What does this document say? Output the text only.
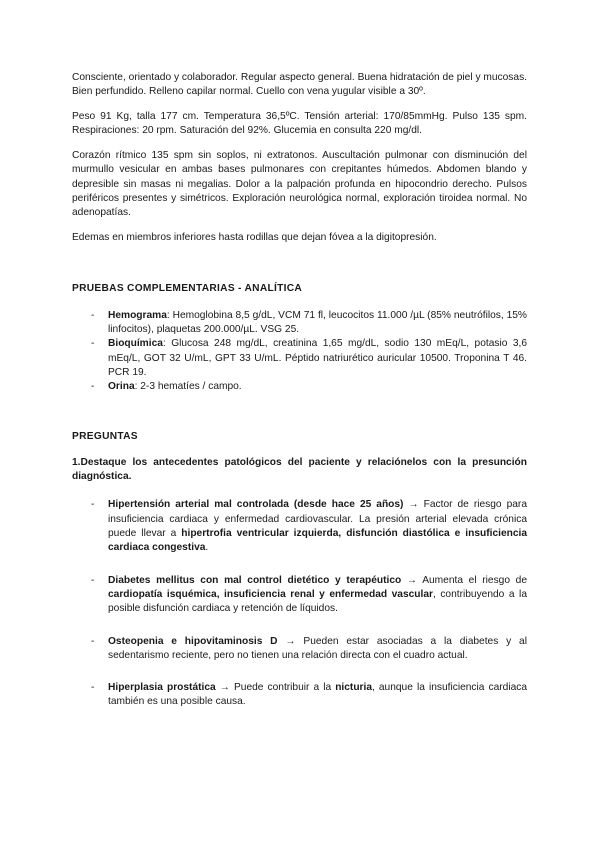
Consciente, orientado y colaborador. Regular aspecto general. Buena hidratación de piel y mucosas. Bien perfundido. Relleno capilar normal. Cuello con vena yugular visible a 30º.

Peso 91 Kg, talla 177 cm. Temperatura 36,5ºC. Tensión arterial: 170/85mmHg. Pulso 135 spm. Respiraciones: 20 rpm. Saturación del 92%. Glucemia en consulta 220 mg/dl.

Corazón rítmico 135 spm sin soplos, ni extratonos. Auscultación pulmonar con disminución del murmullo vesicular en ambas bases pulmonares con crepitantes húmedos. Abdomen blando y depresible sin masas ni megalias. Dolor a la palpación profunda en hipocondrio derecho. Pulsos periféricos presentes y simétricos. Exploración neurológica normal, exploración tiroidea normal. No adenopatías.

Edemas en miembros inferiores hasta rodillas que dejan fóvea a la digitopresión.

PRUEBAS COMPLEMENTARIAS - ANALÍTICA

- Hemograma: Hemoglobina 8,5 g/dL, VCM 71 fl, leucocitos 11.000 /µL (85% neutrófilos, 15% linfocitos), plaquetas 200.000/µL. VSG 25.
- Bioquímica: Glucosa 248 mg/dL, creatinina 1,65 mg/dL, sodio 130 mEq/L, potasio 3,6 mEq/L, GOT 32 U/mL, GPT 33 U/mL. Péptido natriurético auricular 10500. Troponina T 46. PCR 19.
- Orina: 2-3 hematíes / campo.

PREGUNTAS

1.Destaque los antecedentes patológicos del paciente y relaciónelos con la presunción diagnóstica.

- Hipertensión arterial mal controlada (desde hace 25 años) → Factor de riesgo para insuficiencia cardiaca y enfermedad cardiovascular. La presión arterial elevada crónica puede llevar a hipertrofia ventricular izquierda, disfunción diastólica e insuficiencia cardiaca congestiva.
- Diabetes mellitus con mal control dietético y terapéutico → Aumenta el riesgo de cardiopatía isquémica, insuficiencia renal y enfermedad vascular, contribuyendo a la posible disfunción cardiaca y retención de líquidos.
- Osteopenia e hipovitaminosis D → Pueden estar asociadas a la diabetes y al sedentarismo reciente, pero no tienen una relación directa con el cuadro actual.
- Hiperplasia prostática → Puede contribuir a la nicturia, aunque la insuficiencia cardiaca también es una posible causa.
